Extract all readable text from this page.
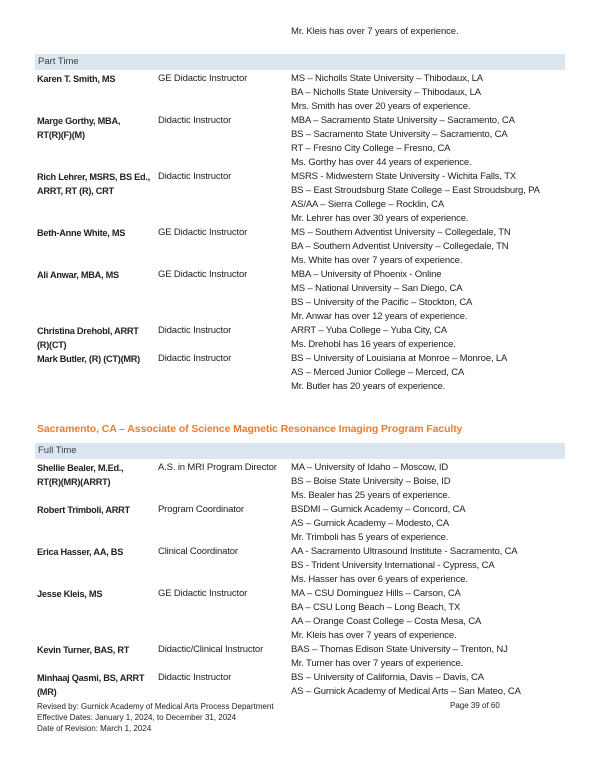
Mr. Kleis has over 7 years of experience.
Part Time
Karen T. Smith, MS	GE Didactic Instructor	MS – Nicholls State University – Thibodaux, LA
BA – Nicholls State University – Thibodaux, LA
Mrs. Smith has over 20 years of experience.
Marge Gorthy, MBA,
RT(R)(F)(M)
Didactic Instructor	MBA – Sacramento State University – Sacramento, CA
BS – Sacramento State University – Sacramento, CA
RT – Fresno City College – Fresno, CA
Ms. Gorthy has over 44 years of experience.
Rich Lehrer, MSRS, BS Ed.,
ARRT, RT (R), CRT
Didactic Instructor	MSRS - Midwestern State University - Wichita Falls, TX
BS – East Stroudsburg State College – East Stroudsburg, PA
AS/AA – Sierra College – Rocklin, CA
Mr. Lehrer has over 30 years of experience.
Beth-Anne White, MS	GE Didactic Instructor	MS – Southern Adventist University – Collegedale, TN
BA – Southern Adventist University – Collegedale, TN
Ms. White has over 7 years of experience.
Ali Anwar, MBA, MS	GE Didactic Instructor	MBA – University of Phoenix - Online
MS – National University – San Diego, CA
BS – University of the Pacific – Stockton, CA
Mr. Anwar has over 12 years of experience.
Christina Drehobl, ARRT
(R)(CT)
Didactic Instructor	ARRT – Yuba College – Yuba City, CA
Ms. Drehobl has 16 years of experience.
Mark Butler, (R) (CT)(MR)	Didactic Instructor	BS – University of Louisiana at Monroe – Monroe, LA
AS – Merced Junior College – Merced, CA
Mr. Butler has 20 years of experience.
Sacramento, CA – Associate of Science Magnetic Resonance Imaging Program Faculty
Full Time
Shellie Bealer, M.Ed.,
RT(R)(MR)(ARRT)
A.S. in MRI Program Director	MA – University of Idaho – Moscow, ID
BS – Boise State University – Boise, ID
Ms. Bealer has 25 years of experience.
Robert Trimboli, ARRT	Program Coordinator	BSDMI – Gurnick Academy – Concord, CA
AS – Gurnick Academy – Modesto, CA
Mr. Trimboli has 5 years of experience.
Erica Hasser, AA, BS	Clinical Coordinator	AA - Sacramento Ultrasound Institute - Sacramento, CA
BS - Trident University International - Cypress, CA
Ms. Hasser has over 6 years of experience.
Jesse Kleis, MS	GE Didactic Instructor	MA – CSU Dominguez Hills – Carson, CA
BA – CSU Long Beach – Long Beach, TX
AA – Orange Coast College – Costa Mesa, CA
Mr. Kleis has over 7 years of experience.
Kevin Turner, BAS, RT	Didactic/Clinical Instructor	BAS – Thomas Edison State University – Trenton, NJ
Mr. Turner has over 7 years of experience.
Minhaaj Qasmi, BS, ARRT
(MR)
Didactic Instructor	BS – University of California, Davis – Davis, CA
AS – Gurnick Academy of Medical Arts – San Mateo, CA
Revised by: Gurnick Academy of Medical Arts Process Department
Effective Dates: January 1, 2024, to December 31, 2024
Date of Revision: March 1, 2024
Page 39 of 60
